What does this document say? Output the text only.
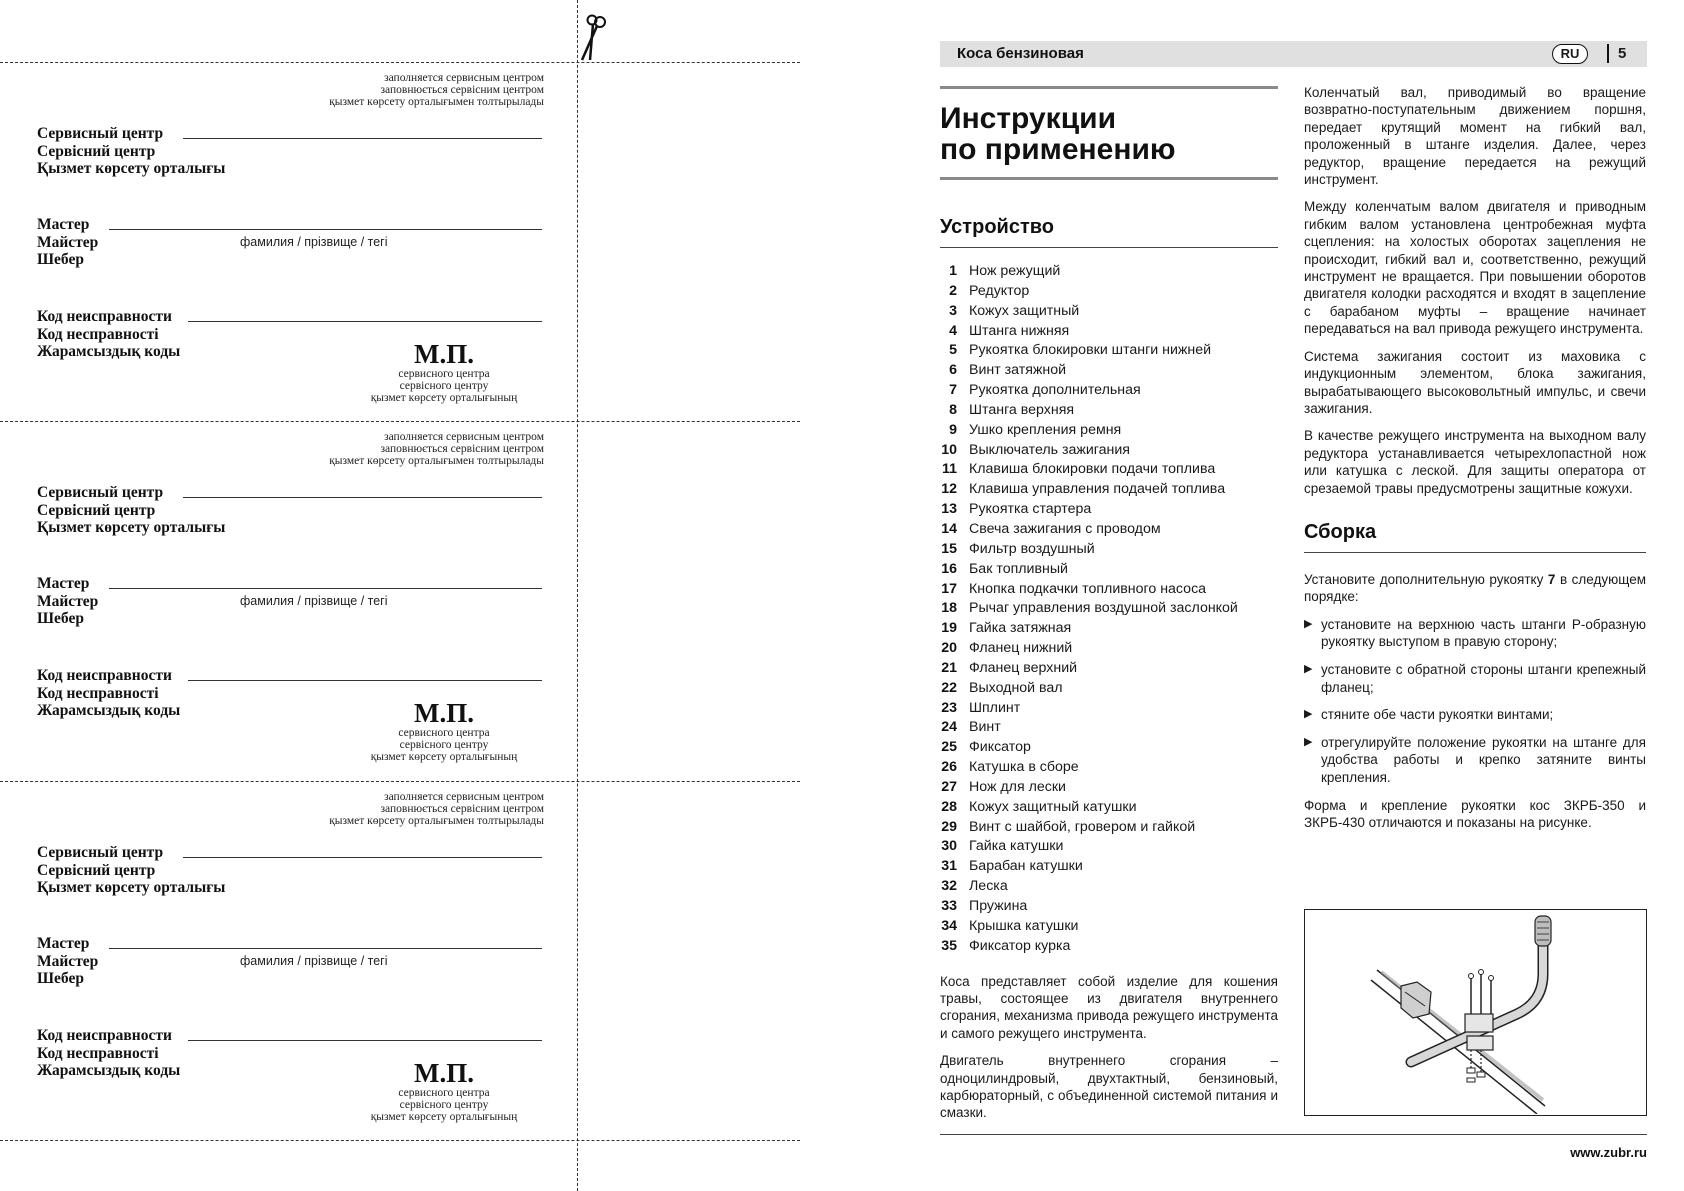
заполняется сервисным центром
заповнюється сервісним центром
қызмет көрсету орталығымен толтырылады
Сервисный центр
Сервісний центр
Қызмет көрсету орталығы
Мастер
Майстер
Шебер
фамилия / прізвище / тегі
Код неисправности
Код несправності
Жарамсыздық коды	М.П.
сервисного центра
сервісного центру
қызмет көрсету орталығының
заполняется сервисным центром
заповнюється сервісним центром
қызмет көрсету орталығымен толтырылады
Сервисный центр
Сервісний центр
Қызмет көрсету орталығы
Мастер
Майстер
Шебер
фамилия / прізвище / тегі
Код неисправности
Код несправності
Жарамсыздық коды	М.П.
сервисного центра
сервісного центру
қызмет көрсету орталығының
заполняется сервисным центром
заповнюється сервісним центром
қызмет көрсету орталығымен толтырылады
Сервисный центр
Сервісний центр
Қызмет көрсету орталығы
Мастер
Майстер
Шебер
фамилия / прізвище / тегі
Код неисправности
Код несправності
Жарамсыздық коды	М.П.
сервисного центра
сервісного центру
қызмет көрсету орталығының
Коса бензиновая	RU	5
Инструкции
по применению
Устройство
1 Нож режущий
2 Редуктор
3 Кожух защитный
4 Штанга нижняя
5 Рукоятка блокировки штанги нижней
6 Винт затяжной
7 Рукоятка дополнительная
8 Штанга верхняя
9 Ушко крепления ремня
10 Выключатель зажигания
11 Клавиша блокировки подачи топлива
12 Клавиша управления подачей топлива
13 Рукоятка стартера
14 Свеча зажигания с проводом
15 Фильтр воздушный
16 Бак топливный
17 Кнопка подкачки топливного насоса
18 Рычаг управления воздушной заслонкой
19 Гайка затяжная
20 Фланец нижний
21 Фланец верхний
22 Выходной вал
23 Шплинт
24 Винт
25 Фиксатор
26 Катушка в сборе
27 Нож для лески
28 Кожух защитный катушки
29 Винт с шайбой, гровером и гайкой
30 Гайка катушки
31 Барабан катушки
32 Леска
33 Пружина
34 Крышка катушки
35 Фиксатор курка

Коса представляет собой изделие для кошения травы, состоящее из двигателя внутреннего сгорания, механизма привода режущего инструмента и самого режущего инструмента.

Двигатель внутреннего сгорания – одноцилиндровый, двухтактный, бензиновый, карбюраторный, с объединенной системой питания и смазки.

Коленчатый вал, приводимый во вращение возвратно-поступательным движением поршня, передает крутящий момент на гибкий вал, проложенный в штанге изделия. Далее, через редуктор, вращение передается на режущий инструмент.

Между коленчатым валом двигателя и приводным гибким валом установлена центробежная муфта сцепления: на холостых оборотах зацепления не происходит, гибкий вал и, соответственно, режущий инструмент не вращается. При повышении оборотов двигателя колодки расходятся и входят в зацепление с барабаном муфты – вращение начинает передаваться на вал привода режущего инструмента.

Система зажигания состоит из маховика с индукционным элементом, блока зажигания, вырабатывающего высоковольтный импульс, и свечи зажигания.

В качестве режущего инструмента на выходном валу редуктора устанавливается четырехлопастной нож или катушка с леской. Для защиты оператора от срезаемой травы предусмотрены защитные кожухи.

Сборка

Установите дополнительную рукоятку 7 в следующем порядке:

▶ установите на верхнюю часть штанги Р-образную рукоятку выступом в правую сторону;
▶ установите с обратной стороны штанги крепежный фланец;
▶ стяните обе части рукоятки винтами;
▶ отрегулируйте положение рукоятки на штанге для удобства работы и крепко затяните винты крепления.

Форма и крепление рукоятки кос ЗКРБ-350 и ЗКРБ-430 отличаются и показаны на рисунке.

www.zubr.ru
